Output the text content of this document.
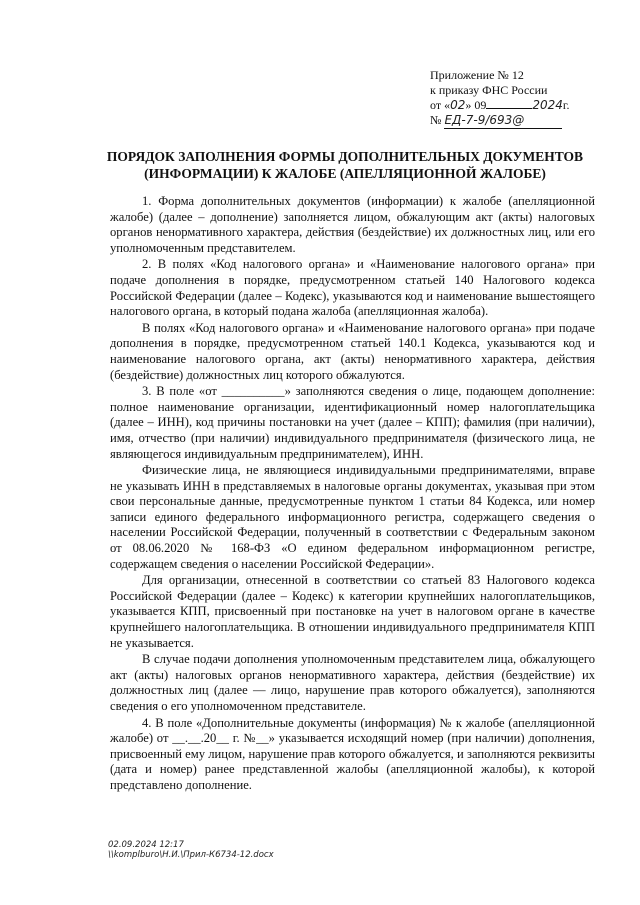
Приложение № 12
к приказу ФНС России
от «02» 09	2024г.
№ ЕД-7-9/693@
ПОРЯДОК ЗАПОЛНЕНИЯ ФОРМЫ ДОПОЛНИТЕЛЬНЫХ ДОКУМЕНТОВ (ИНФОРМАЦИИ) К ЖАЛОБЕ (АПЕЛЛЯЦИОННОЙ ЖАЛОБЕ)

1. Форма дополнительных документов (информации) к жалобе (апелляционной жалобе) (далее – дополнение) заполняется лицом, обжалующим акт (акты) налоговых органов ненормативного характера, действия (бездействие) их должностных лиц, или его уполномоченным представителем.

2. В полях «Код налогового органа» и «Наименование налогового органа» при подаче дополнения в порядке, предусмотренном статьей 140 Налогового кодекса Российской Федерации (далее – Кодекс), указываются код и наименование вышестоящего налогового органа, в который подана жалоба (апелляционная жалоба).

В полях «Код налогового органа» и «Наименование налогового органа» при подаче дополнения в порядке, предусмотренном статьей 140.1 Кодекса, указываются код и наименование налогового органа, акт (акты) ненормативного характера, действия (бездействие) должностных лиц которого обжалуются.

3. В поле «от __________» заполняются сведения о лице, подающем дополнение: полное наименование организации, идентификационный номер налогоплательщика (далее – ИНН), код причины постановки на учет (далее – КПП); фамилия (при наличии), имя, отчество (при наличии) индивидуального предпринимателя (физического лица, не являющегося индивидуальным предпринимателем), ИНН.

Физические лица, не являющиеся индивидуальными предпринимателями, вправе не указывать ИНН в представляемых в налоговые органы документах, указывая при этом свои персональные данные, предусмотренные пунктом 1 статьи 84 Кодекса, или номер записи единого федерального информационного регистра, содержащего сведения о населении Российской Федерации, полученный в соответствии с Федеральным законом от 08.06.2020 № 168-ФЗ «О едином федеральном информационном регистре, содержащем сведения о населении Российской Федерации».

Для организации, отнесенной в соответствии со статьей 83 Налогового кодекса Российской Федерации (далее – Кодекс) к категории крупнейших налогоплательщиков, указывается КПП, присвоенный при постановке на учет в налоговом органе в качестве крупнейшего налогоплательщика. В отношении индивидуального предпринимателя КПП не указывается.

В случае подачи дополнения уполномоченным представителем лица, обжалующего акт (акты) налоговых органов ненормативного характера, действия (бездействие) их должностных лиц (далее — лицо, нарушение прав которого обжалуется), заполняются сведения о его уполномоченном представителе.

4. В поле «Дополнительные документы (информация) № к жалобе (апелляционной жалобе) от __.__.20__ г. №__» указывается исходящий номер (при наличии) дополнения, присвоенный ему лицом, нарушение прав которого обжалуется, и заполняются реквизиты (дата и номер) ранее представленной жалобы (апелляционной жалобы), к которой представлено дополнение.

02.09.2024 12:17
\\komplburo\Н.И.\Прил-К6734-12.docx
